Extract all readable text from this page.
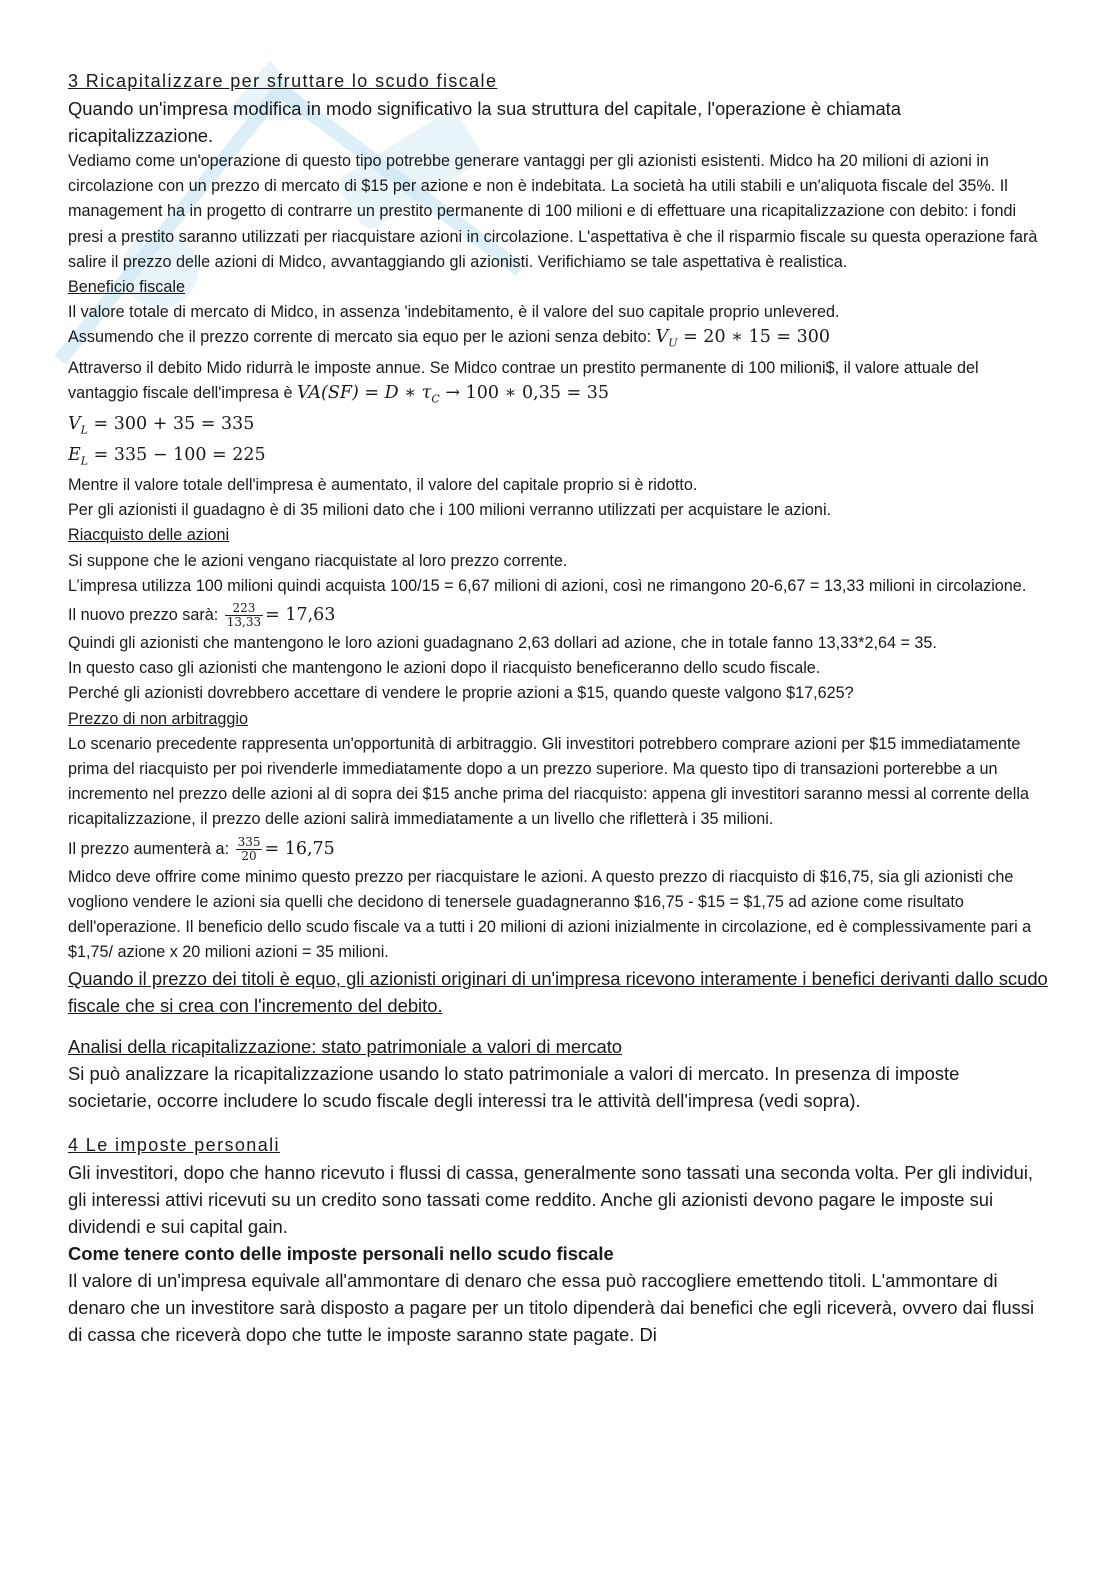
3 Ricapitalizzare per sfruttare lo scudo fiscale

Quando un'impresa modifica in modo significativo la sua struttura del capitale, l'operazione è chiamata ricapitalizzazione.

Vediamo come un'operazione di questo tipo potrebbe generare vantaggi per gli azionisti esistenti. Midco ha 20 milioni di azioni in circolazione con un prezzo di mercato di $15 per azione e non è indebitata. La società ha utili stabili e un'aliquota fiscale del 35%. Il management ha in progetto di contrarre un prestito permanente di 100 milioni e di effettuare una ricapitalizzazione con debito: i fondi presi a prestito saranno utilizzati per riacquistare azioni in circolazione. L'aspettativa è che il risparmio fiscale su questa operazione farà salire il prezzo delle azioni di Midco, avvantaggiando gli azionisti. Verifichiamo se tale aspettativa è realistica.

Beneficio fiscale

Il valore totale di mercato di Midco, in assenza 'indebitamento, è il valore del suo capitale proprio unlevered.

Assumendo che il prezzo corrente di mercato sia equo per le azioni senza debito: $V_U = 20$ ∗ 15 = 300

Attraverso il debito Mido ridurrà le imposte annue. Se Midco contrae un prestito permanente di 100 milioni$, il valore attuale del vantaggio fiscale dell'impresa è VA(SF) = D ∗ $\tau_C \to 100$ ∗ 0,35 = 35

$V_L = 300 + 35 = 335$
$E_L = 335 - 100 = 225$

Mentre il valore totale dell'impresa è aumentato, il valore del capitale proprio si è ridotto.

Per gli azionisti il guadagno è di 35 milioni dato che i 100 milioni verranno utilizzati per acquistare le azioni.

Riacquisto delle azioni

Si suppone che le azioni vengano riacquistate al loro prezzo corrente.

L’impresa utilizza 100 milioni quindi acquista 100/15 = 6,67 milioni di azioni, così ne rimangono 20-6,67 = 13,33 milioni in circolazione.

Il nuovo prezzo sarà: $\frac{223}{13,33} = 17,63$

Quindi gli azionisti che mantengono le loro azioni guadagnano 2,63 dollari ad azione, che in totale fanno 13,33*2,64 = 35.

In questo caso gli azionisti che mantengono le azioni dopo il riacquisto beneficeranno dello scudo fiscale.

Perché gli azionisti dovrebbero accettare di vendere le proprie azioni a $15, quando queste valgono $17,625?

Prezzo di non arbitraggio

Lo scenario precedente rappresenta un'opportunità di arbitraggio. Gli investitori potrebbero comprare azioni per $15 immediatamente prima del riacquisto per poi rivenderle immediatamente dopo a un prezzo superiore. Ma questo tipo di transazioni porterebbe a un incremento nel prezzo delle azioni al di sopra dei $15 anche prima del riacquisto: appena gli investitori saranno messi al corrente della ricapitalizzazione, il prezzo delle azioni salirà immediatamente a un livello che rifletterà i 35 milioni.

Il prezzo aumenterà a: $\frac{335}{20} = 16,75$

Midco deve offrire come minimo questo prezzo per riacquistare le azioni. A questo prezzo di riacquisto di $16,75, sia gli azionisti che vogliono vendere le azioni sia quelli che decidono di tenersele guadagneranno $16,75 - $15 = $1,75 ad azione come risultato dell'operazione. Il beneficio dello scudo fiscale va a tutti i 20 milioni di azioni inizialmente in circolazione, ed è complessivamente pari a $1,75/ azione x 20 milioni azioni = 35 milioni.

Quando il prezzo dei titoli è equo, gli azionisti originari di un'impresa ricevono interamente i benefici derivanti dallo scudo fiscale che si crea con l'incremento del debito.

Analisi della ricapitalizzazione: stato patrimoniale a valori di mercato

Si può analizzare la ricapitalizzazione usando lo stato patrimoniale a valori di mercato. In presenza di imposte societarie, occorre includere lo scudo fiscale degli interessi tra le attività dell'impresa (vedi sopra).

4 Le imposte personali

Gli investitori, dopo che hanno ricevuto i flussi di cassa, generalmente sono tassati una seconda volta. Per gli individui, gli interessi attivi ricevuti su un credito sono tassati come reddito. Anche gli azionisti devono pagare le imposte sui dividendi e sui capital gain.

Come tenere conto delle imposte personali nello scudo fiscale

Il valore di un'impresa equivale all'ammontare di denaro che essa può raccogliere emettendo titoli. L'ammontare di denaro che un investitore sarà disposto a pagare per un titolo dipenderà dai benefici che egli riceverà, ovvero dai flussi di cassa che riceverà dopo che tutte le imposte saranno state pagate. Di
